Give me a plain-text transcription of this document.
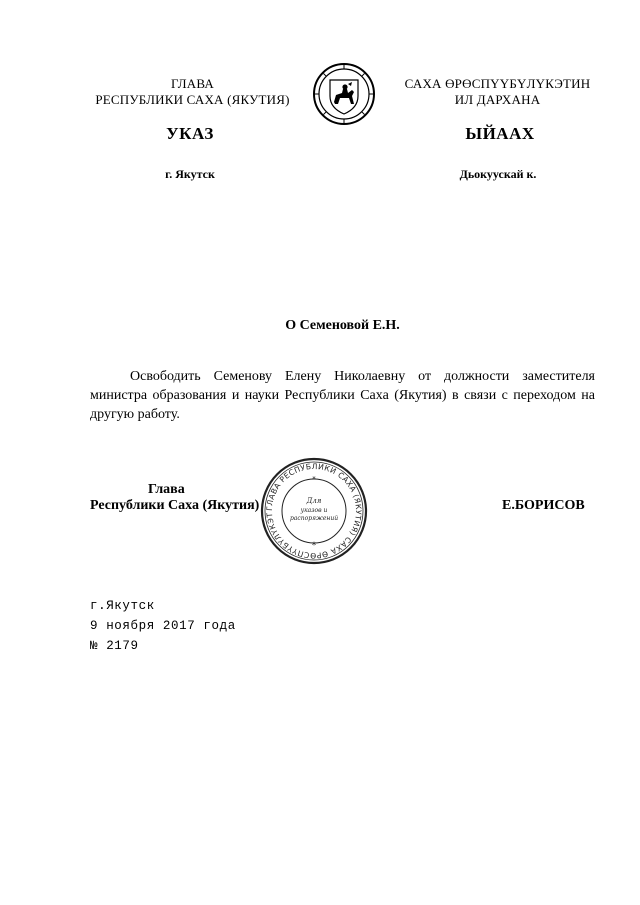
ГЛАВА
РЕСПУБЛИКИ САХА (ЯКУТИЯ)
САХА ӨРӨСПҮҮБҮЛҮКЭТИН
ИЛ ДАРХАНА
УКАЗ	ЫЙААХ
г. Якутск	Дьокуускай к.
О Семеновой Е.Н.
Освободить Семенову Елену Николаевну от должности заместителя министра образования и науки Республики Саха (Якутия) в связи с переходом на другую работу.
Глава
Республики Саха (Якутия)	Е.БОРИСОВ
ГЛАВА РЕСПУБЛИКИ САХА (ЯКУТИЯ) САХА ӨРӨСПҮҮБҮЛҮКЭТ
Для
указов и
распоряжений
*
*
г.Якутск
9 ноября 2017 года
№ 2179
